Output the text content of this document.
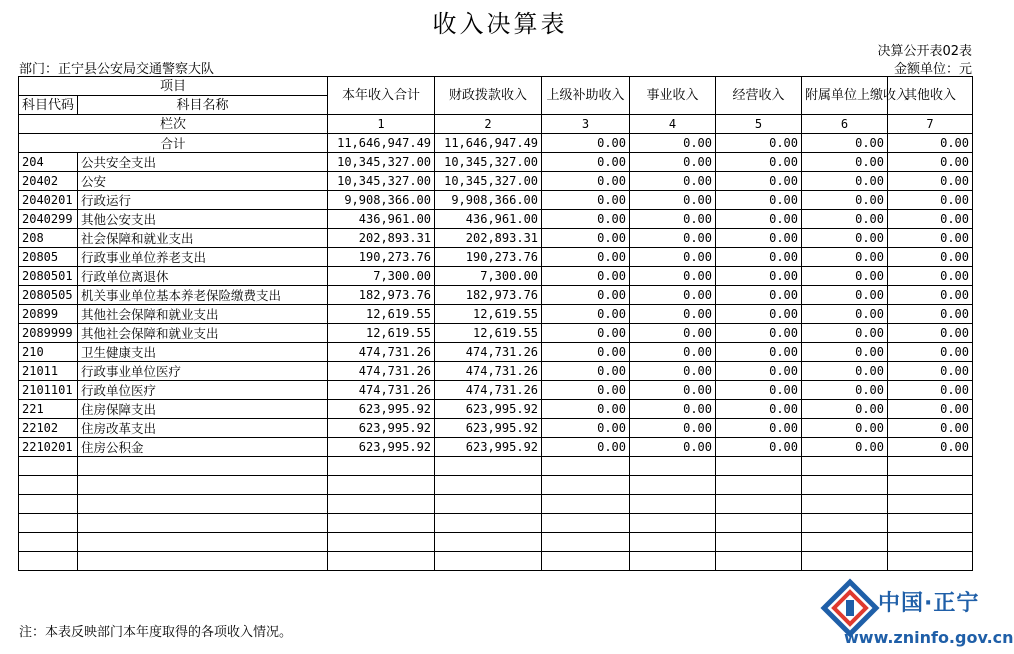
收入决算表
决算公开表02表
部门：正宁县公安局交通警察大队	金额单位：元
项目		本年收入合计	财政拨款收入	上级补助收入	事业收入	经营收入	附属单位上缴收入	其他收入
科目代码	科目名称							
栏次		1	2	3	4	5	6	7
合计		11,646,947.49	11,646,947.49	0.00	0.00	0.00	0.00	0.00
204	公共安全支出	10,345,327.00	10,345,327.00	0.00	0.00	0.00	0.00	0.00
20402	公安	10,345,327.00	10,345,327.00	0.00	0.00	0.00	0.00	0.00
2040201	行政运行	9,908,366.00	9,908,366.00	0.00	0.00	0.00	0.00	0.00
2040299	其他公安支出	436,961.00	436,961.00	0.00	0.00	0.00	0.00	0.00
208	社会保障和就业支出	202,893.31	202,893.31	0.00	0.00	0.00	0.00	0.00
20805	行政事业单位养老支出	190,273.76	190,273.76	0.00	0.00	0.00	0.00	0.00
2080501	行政单位离退休	7,300.00	7,300.00	0.00	0.00	0.00	0.00	0.00
2080505	机关事业单位基本养老保险缴费支出	182,973.76	182,973.76	0.00	0.00	0.00	0.00	0.00
20899	其他社会保障和就业支出	12,619.55	12,619.55	0.00	0.00	0.00	0.00	0.00
2089999	其他社会保障和就业支出	12,619.55	12,619.55	0.00	0.00	0.00	0.00	0.00
210	卫生健康支出	474,731.26	474,731.26	0.00	0.00	0.00	0.00	0.00
21011	行政事业单位医疗	474,731.26	474,731.26	0.00	0.00	0.00	0.00	0.00
2101101	行政单位医疗	474,731.26	474,731.26	0.00	0.00	0.00	0.00	0.00
221	住房保障支出	623,995.92	623,995.92	0.00	0.00	0.00	0.00	0.00
22102	住房改革支出	623,995.92	623,995.92	0.00	0.00	0.00	0.00	0.00
2210201	住房公积金	623,995.92	623,995.92	0.00	0.00	0.00	0.00	0.00

注：本表反映部门本年度取得的各项收入情况。
中国·正宁
www.zninfo.gov.cn
